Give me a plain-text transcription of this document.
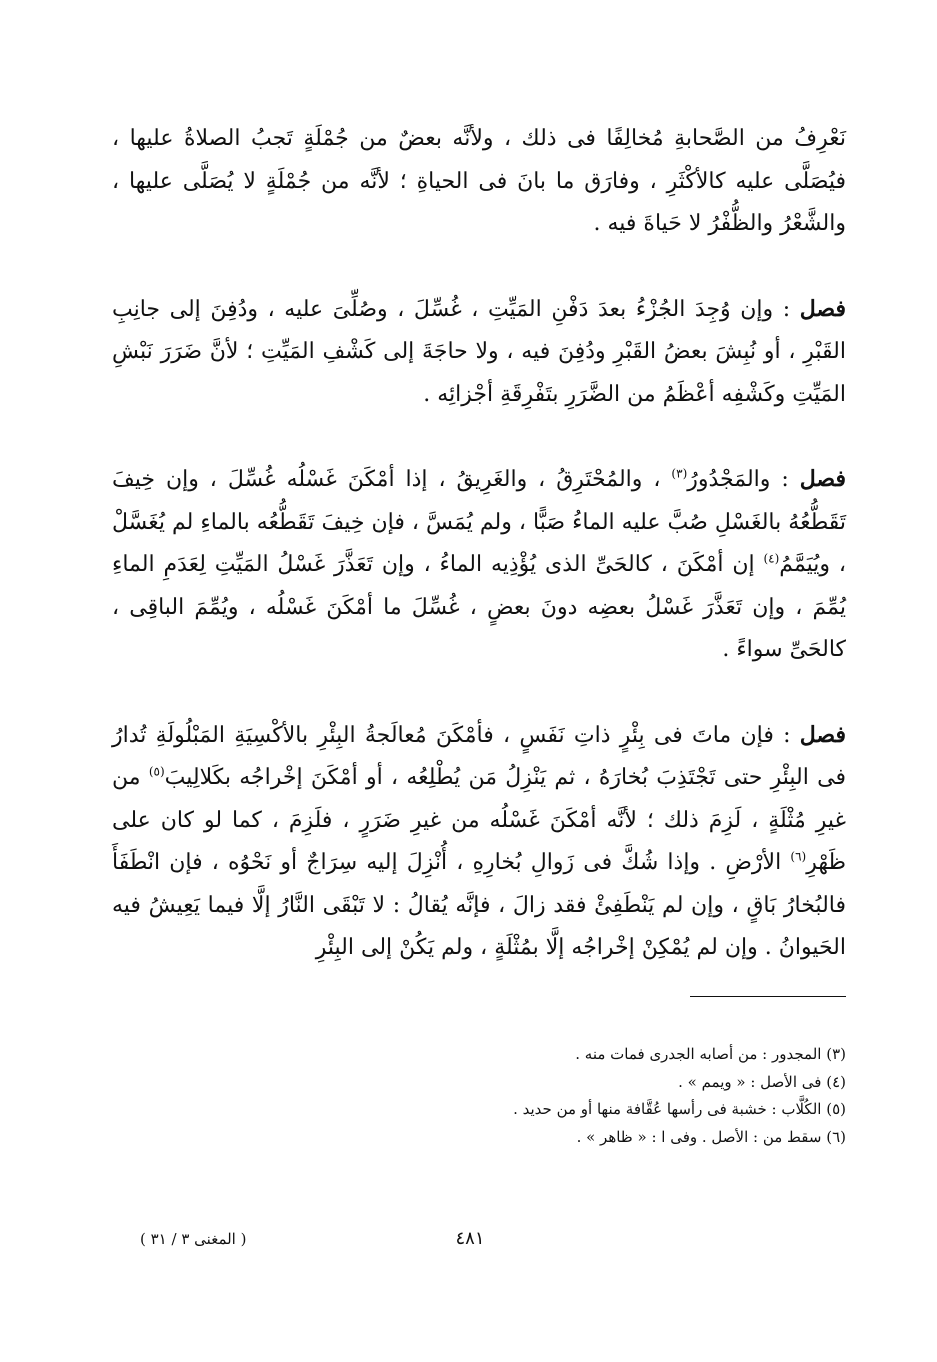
نَعْرِفُ من الصَّحابةِ مُخالِفًا فى ذلك ، ولأنَّه بعضٌ من جُمْلَةٍ تَجبُ الصلاةُ عليها ، فيُصَلَّى عليه كالأكْثَرِ ، وفارَق ما بانَ فى الحياةِ ؛ لأنَّه من جُمْلَةٍ لا يُصَلَّى عليها ، والشَّعْرُ والظُّفْرُ لا حَياةَ فيه .

فصل : وإن وُجِدَ الجُزْءُ بعدَ دَفْنِ المَيِّتِ ، غُسِّلَ ، وصُلِّىَ عليه ، ودُفِنَ إلى جانِبِ القَبْرِ ، أو نُبِشَ بعضُ القَبْرِ ودُفِنَ فيه ، ولا حاجَةَ إلى كَشْفِ المَيِّتِ ؛ لأنَّ ضَرَرَ نَبْشِ المَيِّتِ وكَشْفِه أعْظَمُ من الضَّرَرِ بتَفْرِقَةِ أجْزائِه .

فصل : والمَجْدُورُ$^{(٣)}$ ، والمُحْتَرِقُ ، والغَرِيقُ ، إذا أمْكَنَ غَسْلُه غُسِّلَ ، وإن خِيفَ تَقَطُّعُهُ بالغَسْلِ صُبَّ عليه الماءُ صَبًّا ، ولم يُمَسَّ ، فإن خِيفَ تَقَطُّعُه بالماءِ لم يُغَسَّلْ ، ويُيَمَّمُ$^{(٤)}$ إن أمْكَنَ ، كالحَىِّ الذى يُؤْذِيه الماءُ ، وإن تَعَذَّرَ غَسْلُ المَيِّتِ لِعَدَمِ الماءِ يُمِّمَ ، وإن تَعَذَّرَ غَسْلُ بعضِه دونَ بعضٍ ، غُسِّلَ ما أمْكَنَ غَسْلُه ، ويُمِّمَ الباقِى ، كالحَىِّ سواءً .

فصل : فإن ماتَ فى بِئْرٍ ذاتِ نَفَسٍ ، فأمْكَنَ مُعالَجةُ البِئْرِ بالأكْسِيَةِ المَبْلُولَةِ تُدارُ فى البِئْرِ حتى تَجْتَذِبَ بُخارَهُ ، ثم يَنْزِلُ مَن يُطْلِعُه ، أو أمْكَنَ إخْراجُه بكَلالِيبَ$^{(٥)}$ من غيرِ مُثْلَةٍ ، لَزِمَ ذلك ؛ لأنَّه أمْكَنَ غَسْلُه من غيرِ ضَرَرٍ ، فلَزِمَ ، كما لو كان على ظَهْرِ$^{(٦)}$ الأرْضِ . وإذا شُكَّ فى زَوالِ بُخارِهِ ، أُنْزِلَ إليه سِرَاجٌ أو نَحْوُه ، فإن انْطَفَأَ فالبُخارُ بَاقٍ ، وإن لم يَنْطَفِئْ فقد زالَ ، فإنَّه يُقالُ : لا تَبْقَى النَّارُ إلَّا فيما يَعِيشُ فيه الحَيوانُ . وإن لم يُمْكِنْ إخْراجُه إلَّا بمُثْلَةٍ ، ولم يَكُنْ إلى البِئْرِ

(٣) المجدور : من أصابه الجدرى فمات منه .

(٤) فى الأصل : « ويمم » .

(٥) الكُلَّاب : خشبة فى رأسها عُقَّافة منها أو من حديد .

(٦) سقط من : الأصل . وفى ا : « ظاهر » .

٤٨١
( المغنى ٣ / ٣١ )
